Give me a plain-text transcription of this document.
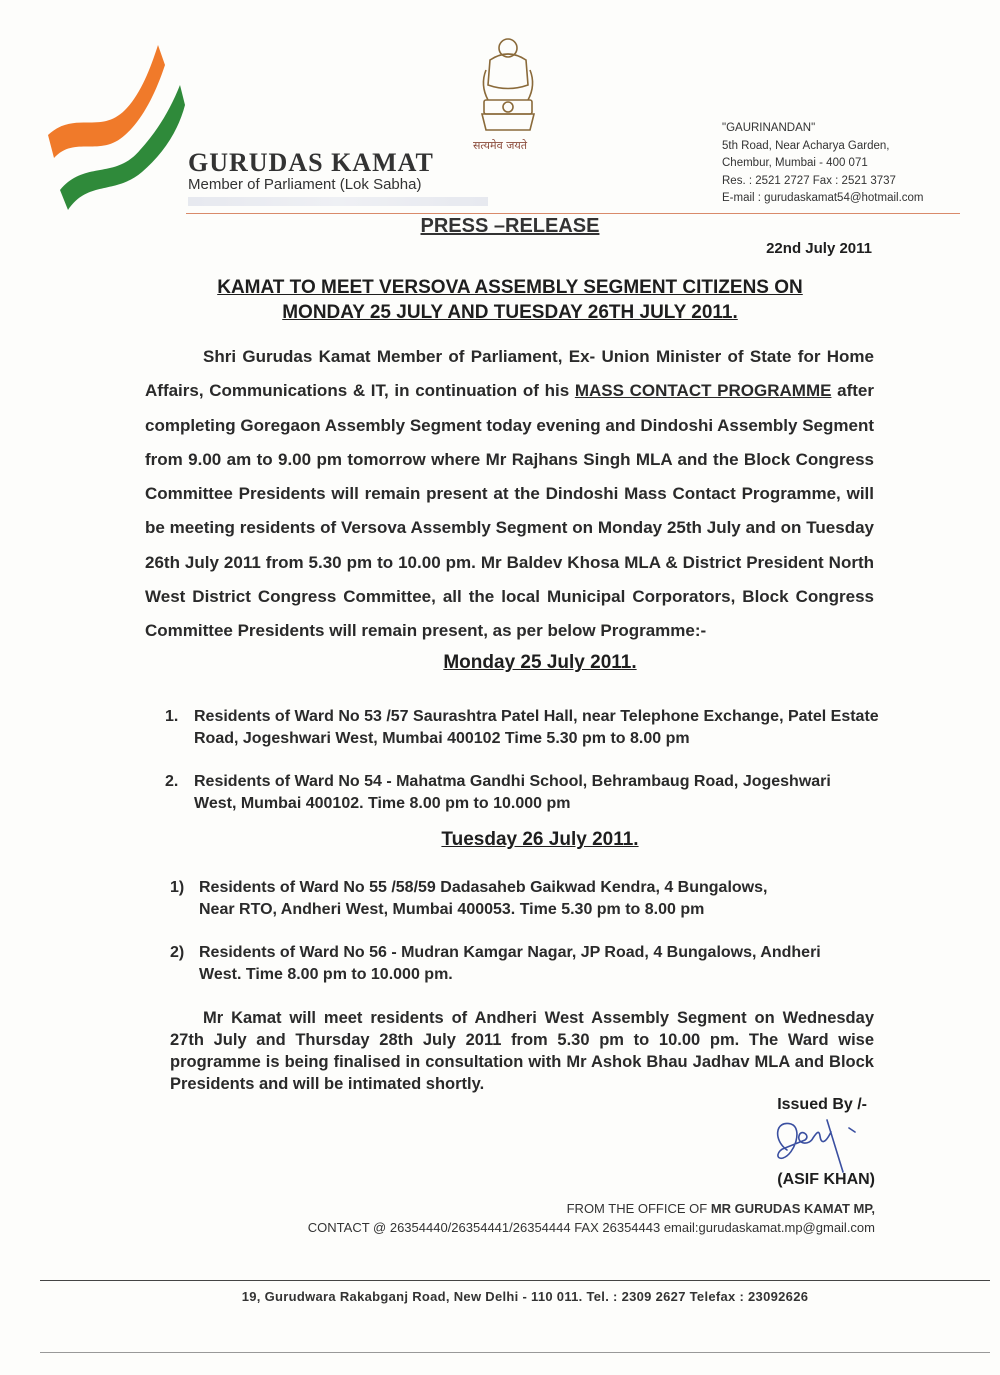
सत्यमेव जयते
GURUDAS KAMAT
Member of Parliament (Lok Sabha)
"GAURINANDAN"
5th Road, Near Acharya Garden,
Chembur, Mumbai - 400 071
Res. : 2521 2727 Fax : 2521 3737
E-mail : gurudaskamat54@hotmail.com
PRESS –RELEASE
22nd July 2011
KAMAT TO MEET VERSOVA ASSEMBLY SEGMENT CITIZENS ON
MONDAY 25 JULY AND TUESDAY 26TH JULY 2011.
Shri Gurudas Kamat Member of Parliament, Ex- Union Minister of State for Home Affairs, Communications & IT, in continuation of his MASS CONTACT PROGRAMME after completing Goregaon Assembly Segment today evening and Dindoshi Assembly Segment from 9.00 am to 9.00 pm tomorrow where Mr Rajhans Singh MLA and the Block Congress Committee Presidents will remain present at the Dindoshi Mass Contact Programme, will be meeting residents of Versova Assembly Segment on Monday 25th July and on Tuesday 26th July 2011 from 5.30 pm to 10.00 pm. Mr Baldev Khosa MLA & District President North West District Congress Committee, all the local Municipal Corporators, Block Congress Committee Presidents will remain present, as per below Programme:-
Monday 25 July 2011.
1. Residents of Ward No 53 /57 Saurashtra Patel Hall, near Telephone Exchange, Patel Estate
Road, Jogeshwari West, Mumbai 400102 Time 5.30 pm to 8.00 pm
2. Residents of Ward No 54 - Mahatma Gandhi School, Behrambaug Road, Jogeshwari
West, Mumbai 400102. Time 8.00 pm to 10.000 pm
Tuesday 26 July 2011.
1) Residents of Ward No 55 /58/59 Dadasaheb Gaikwad Kendra, 4 Bungalows,
Near RTO, Andheri West, Mumbai 400053. Time 5.30 pm to 8.00 pm
2) Residents of Ward No 56 - Mudran Kamgar Nagar, JP Road, 4 Bungalows, Andheri
West. Time 8.00 pm to 10.000 pm.
Mr Kamat will meet residents of Andheri West Assembly Segment on Wednesday 27th July and Thursday 28th July 2011 from 5.30 pm to 10.00 pm. The Ward wise programme is being finalised in consultation with Mr Ashok Bhau Jadhav MLA and Block Presidents and will be intimated shortly.
Issued By /-
(ASIF KHAN)
FROM THE OFFICE OF MR GURUDAS KAMAT MP,
CONTACT @ 26354440/26354441/26354444 FAX 26354443 email:gurudaskamat.mp@gmail.com
19, Gurudwara Rakabganj Road, New Delhi - 110 011. Tel. : 2309 2627 Telefax : 23092626
